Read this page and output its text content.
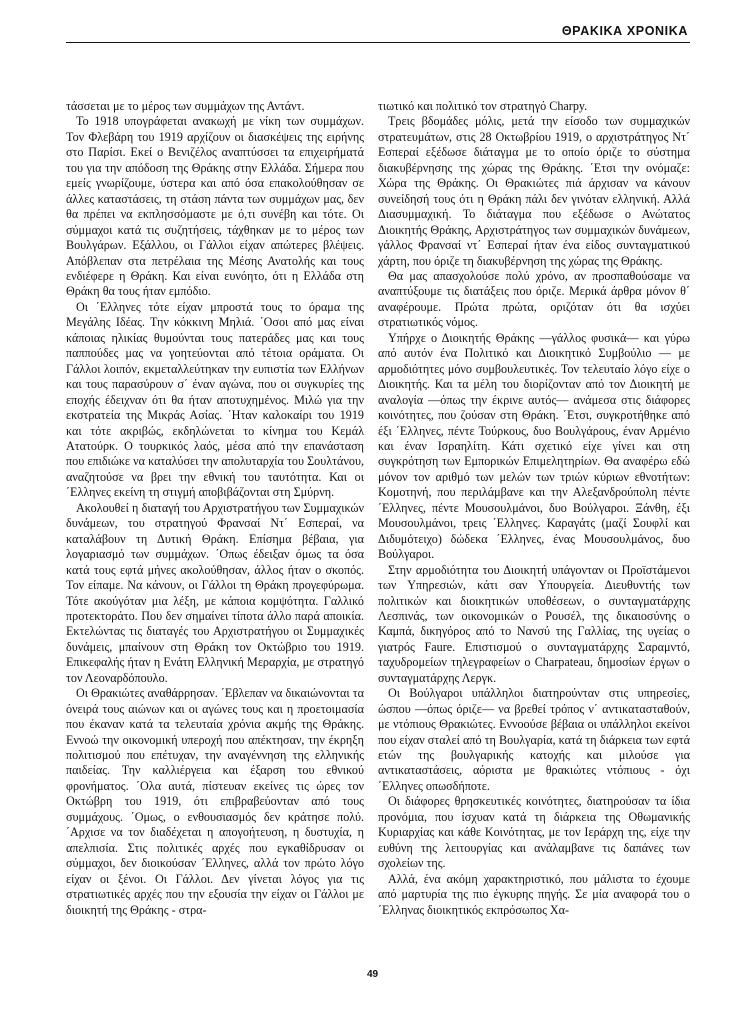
ΘΡΑΚΙΚΑ ΧΡΟΝΙΚΑ

τάσσεται με το μέρος των συμμάχων της Αντάντ.

Το 1918 υπογράφεται ανακωχή με νίκη των συμμάχων. Τον Φλεβάρη του 1919 αρχίζουν οι διασκέψεις της ειρήνης στο Παρίσι. Εκεί ο Βενιζέλος αναπτύσσει τα επιχειρήματά του για την απόδοση της Θράκης στην Ελλάδα. Σήμερα που εμείς γνωρίζουμε, ύστερα και από όσα επακολούθησαν σε άλλες καταστάσεις, τη στάση πάντα των συμμάχων μας, δεν θα πρέπει να εκπλησσόμαστε με ό,τι συνέβη και τότε. Οι σύμμαχοι κατά τις συζητήσεις, τάχθηκαν με το μέρος των Βουλγάρων. Εξάλλου, οι Γάλλοι είχαν απώτερες βλέψεις. Απόβλεπαν στα πετρέλαια της Μέσης Ανατολής και τους ενδιέφερε η Θράκη. Και είναι ευνόητο, ότι η Ελλάδα στη Θράκη θα τους ήταν εμπόδιο.

Οι ΄Ελληνες τότε είχαν μπροστά τους το όραμα της Μεγάλης Ιδέας. Την κόκκινη Μηλιά. ΄Οσοι από μας είναι κάποιας ηλικίας θυμούνται τους πατεράδες μας και τους παππούδες μας να γοητεύονται από τέτοια οράματα. Οι Γάλλοι λοιπόν, εκμεταλλεύτηκαν την ευπιστία των Ελλήνων και τους παρασύρουν σ΄ έναν αγώνα, που οι συγκυρίες της εποχής έδειχναν ότι θα ήταν αποτυχημένος. Μιλώ για την εκστρατεία της Μικράς Ασίας. ΄Ηταν καλοκαίρι του 1919 και τότε ακριβώς, εκδηλώνεται το κίνημα του Κεμάλ Ατατούρκ. Ο τουρκικός λαός, μέσα από την επανάσταση που επιδιώκε να καταλύσει την απολυταρχία του Σουλτάνου, αναζητούσε να βρει την εθνική του ταυτότητα. Και οι ΄Ελληνες εκείνη τη στιγμή αποβιβάζονται στη Σμύρνη.

Ακολουθεί η διαταγή του Αρχιστρατήγου των Συμμαχικών δυνάμεων, του στρατηγού Φρανσαί Ντ΄ Εσπεραί, να καταλάβουν τη Δυτική Θράκη. Επίσημα βέβαια, για λογαριασμό των συμμάχων. ΄Οπως έδειξαν όμως τα όσα κατά τους εφτά μήνες ακολούθησαν, άλλος ήταν ο σκοπός. Τον είπαμε. Να κάνουν, οι Γάλλοι τη Θράκη προγεφύρωμα. Τότε ακούγόταν μια λέξη, με κάποια κομψότητα. Γαλλικό προτεκτοράτο. Που δεν σημαίνει τίποτα άλλο παρά αποικία. Εκτελώντας τις διαταγές του Αρχιστρατήγου οι Συμμαχικές δυνάμεις, μπαίνουν στη Θράκη τον Οκτώβριο του 1919. Επικεφαλής ήταν η Ενάτη Ελληνική Μεραρχία, με στρατηγό τον Λεοναρδόπουλο.

Οι Θρακιώτες αναθάρρησαν. ΄Εβλεπαν να δικαιώνονται τα όνειρά τους αιώνων και οι αγώνες τους και η προετοιμασία που έκαναν κατά τα τελευταία χρόνια ακμής της Θράκης. Εννοώ την οικονομική υπεροχή που απέκτησαν, την έκρηξη πολιτισμού που επέτυχαν, την αναγέννηση της ελληνικής παιδείας. Την καλλιέργεια και έξαρση του εθνικού φρονήματος. ΄Ολα αυτά, πίστευαν εκείνες τις ώρες τον Οκτώβρη του 1919, ότι επιβραβεύονταν από τους συμμάχους. ΄Ομως, ο ενθουσιασμός δεν κράτησε πολύ. ΄Αρχισε να τον διαδέχεται η απογοήτευση, η δυστυχία, η απελπισία. Στις πολιτικές αρχές που εγκαθίδρυσαν οι σύμμαχοι, δεν διοικούσαν ΄Ελληνες, αλλά τον πρώτο λόγο είχαν οι ξένοι. Οι Γάλλοι. Δεν γίνεται λόγος για τις στρατιωτικές αρχές που την εξουσία την είχαν οι Γάλλοι με διοικητή της Θράκης - στρα-

τιωτικό και πολιτικό τον στρατηγό Charpy.

Τρεις βδομάδες μόλις, μετά την είσοδο των συμμαχικών στρατευμάτων, στις 28 Οκτωβρίου 1919, ο αρχιστράτηγος Ντ΄ Εσπεραί εξέδωσε διάταγμα με το οποίο όριζε το σύστημα διακυβέρνησης της χώρας της Θράκης. ΄Ετσι την ονόμαζε: Χώρα της Θράκης. Οι Θρακιώτες πιά άρχισαν να κάνουν συνείδησή τους ότι η Θράκη πάλι δεν γινόταν ελληνική. Αλλά Διασυμμαχική. Το διάταγμα που εξέδωσε ο Ανώτατος Διοικητής Θράκης, Αρχιστράτηγος των συμμαχικών δυνάμεων, γάλλος Φρανσαί ντ΄ Εσπεραί ήταν ένα είδος συνταγματικού χάρτη, που όριζε τη διακυβέρνηση της χώρας της Θράκης.

Θα μας απασχολούσε πολύ χρόνο, αν προσπαθούσαμε να αναπτύξουμε τις διατάξεις που όριζε. Μερικά άρθρα μόνον θ΄ αναφέρουμε. Πρώτα πρώτα, οριζόταν ότι θα ισχύει στρατιωτικός νόμος.

Υπήρχε ο Διοικητής Θράκης —γάλλος φυσικά— και γύρω από αυτόν ένα Πολιτικό και Διοικητικό Συμβούλιο — με αρμοδιότητες μόνο συμβουλευτικές. Τον τελευταίο λόγο είχε ο Διοικητής. Και τα μέλη του διορίζονταν από τον Διοικητή με αναλογία —όπως την έκρινε αυτός— ανάμεσα στις διάφορες κοινότητες, που ζούσαν στη Θράκη. ΄Ετσι, συγκροτήθηκε από έξι ΄Ελληνες, πέντε Τούρκους, δυο Βουλγάρους, έναν Αρμένιο και έναν Ισραηλίτη. Κάτι σχετικό είχε γίνει και στη συγκρότηση των Εμπορικών Επιμελητηρίων. Θα αναφέρω εδώ μόνον τον αριθμό των μελών των τριών κύριων εθνοτήτων: Κομοτηνή, που περιλάμβανε και την Αλεξανδρούπολη πέντε ΄Ελληνες, πέντε Μουσουλμάνοι, δυο Βούλγαροι. Ξάνθη, έξι Μουσουλμάνοι, τρεις ΄Ελληνες. Καραγάτς (μαζί Σουφλί και Διδυμότειχο) δώδεκα ΄Ελληνες, ένας Μουσουλμάνος, δυο Βούλγαροι.

Στην αρμοδιότητα του Διοικητή υπάγονταν οι Προϊστάμενοι των Υπηρεσιών, κάτι σαν Υπουργεία. Διευθυντής των πολιτικών και διοικητικών υποθέσεων, ο συνταγματάρχης Λεσπινάς, των οικονομικών ο Ρουσέλ, της δικαιοσύνης ο Καμπά, δικηγόρος από το Νανσύ της Γαλλίας, της υγείας ο γιατρός Faure. Επιστισμού ο συνταγματάρχης Σαραμντό, ταχυδρομείων τηλεγραφείων ο Charpateau, δημοσίων έργων ο συνταγματάρχης Λεργκ.

Οι Βούλγαροι υπάλληλοι διατηρούνταν στις υπηρεσίες, ώσπου —όπως όριζε— να βρεθεί τρόπος ν΄ αντικατασταθούν, με ντόπιους Θρακιώτες. Εννοούσε βέβαια οι υπάλληλοι εκείνοι που είχαν σταλεί από τη Βουλγαρία, κατά τη διάρκεια των εφτά ετών της βουλγαρικής κατοχής και μιλούσε για αντικαταστάσεις, αόριστα με θρακιώτες ντόπιους - όχι ΄Ελληνες οπωσδήποτε.

Οι διάφορες θρησκευτικές κοινότητες, διατηρούσαν τα ίδια προνόμια, που ίσχυαν κατά τη διάρκεια της Οθωμανικής Κυριαρχίας και κάθε Κοινότητας, με τον Ιεράρχη της, είχε την ευθύνη της λειτουργίας και ανάλαμβανε τις δαπάνες των σχολείων της.

Αλλά, ένα ακόμη χαρακτηριστικό, που μάλιστα το έχουμε από μαρτυρία της πιο έγκυρης πηγής. Σε μία αναφορά του ο ΄Ελληνας διοικητικός εκπρόσωπος Χα-

49
